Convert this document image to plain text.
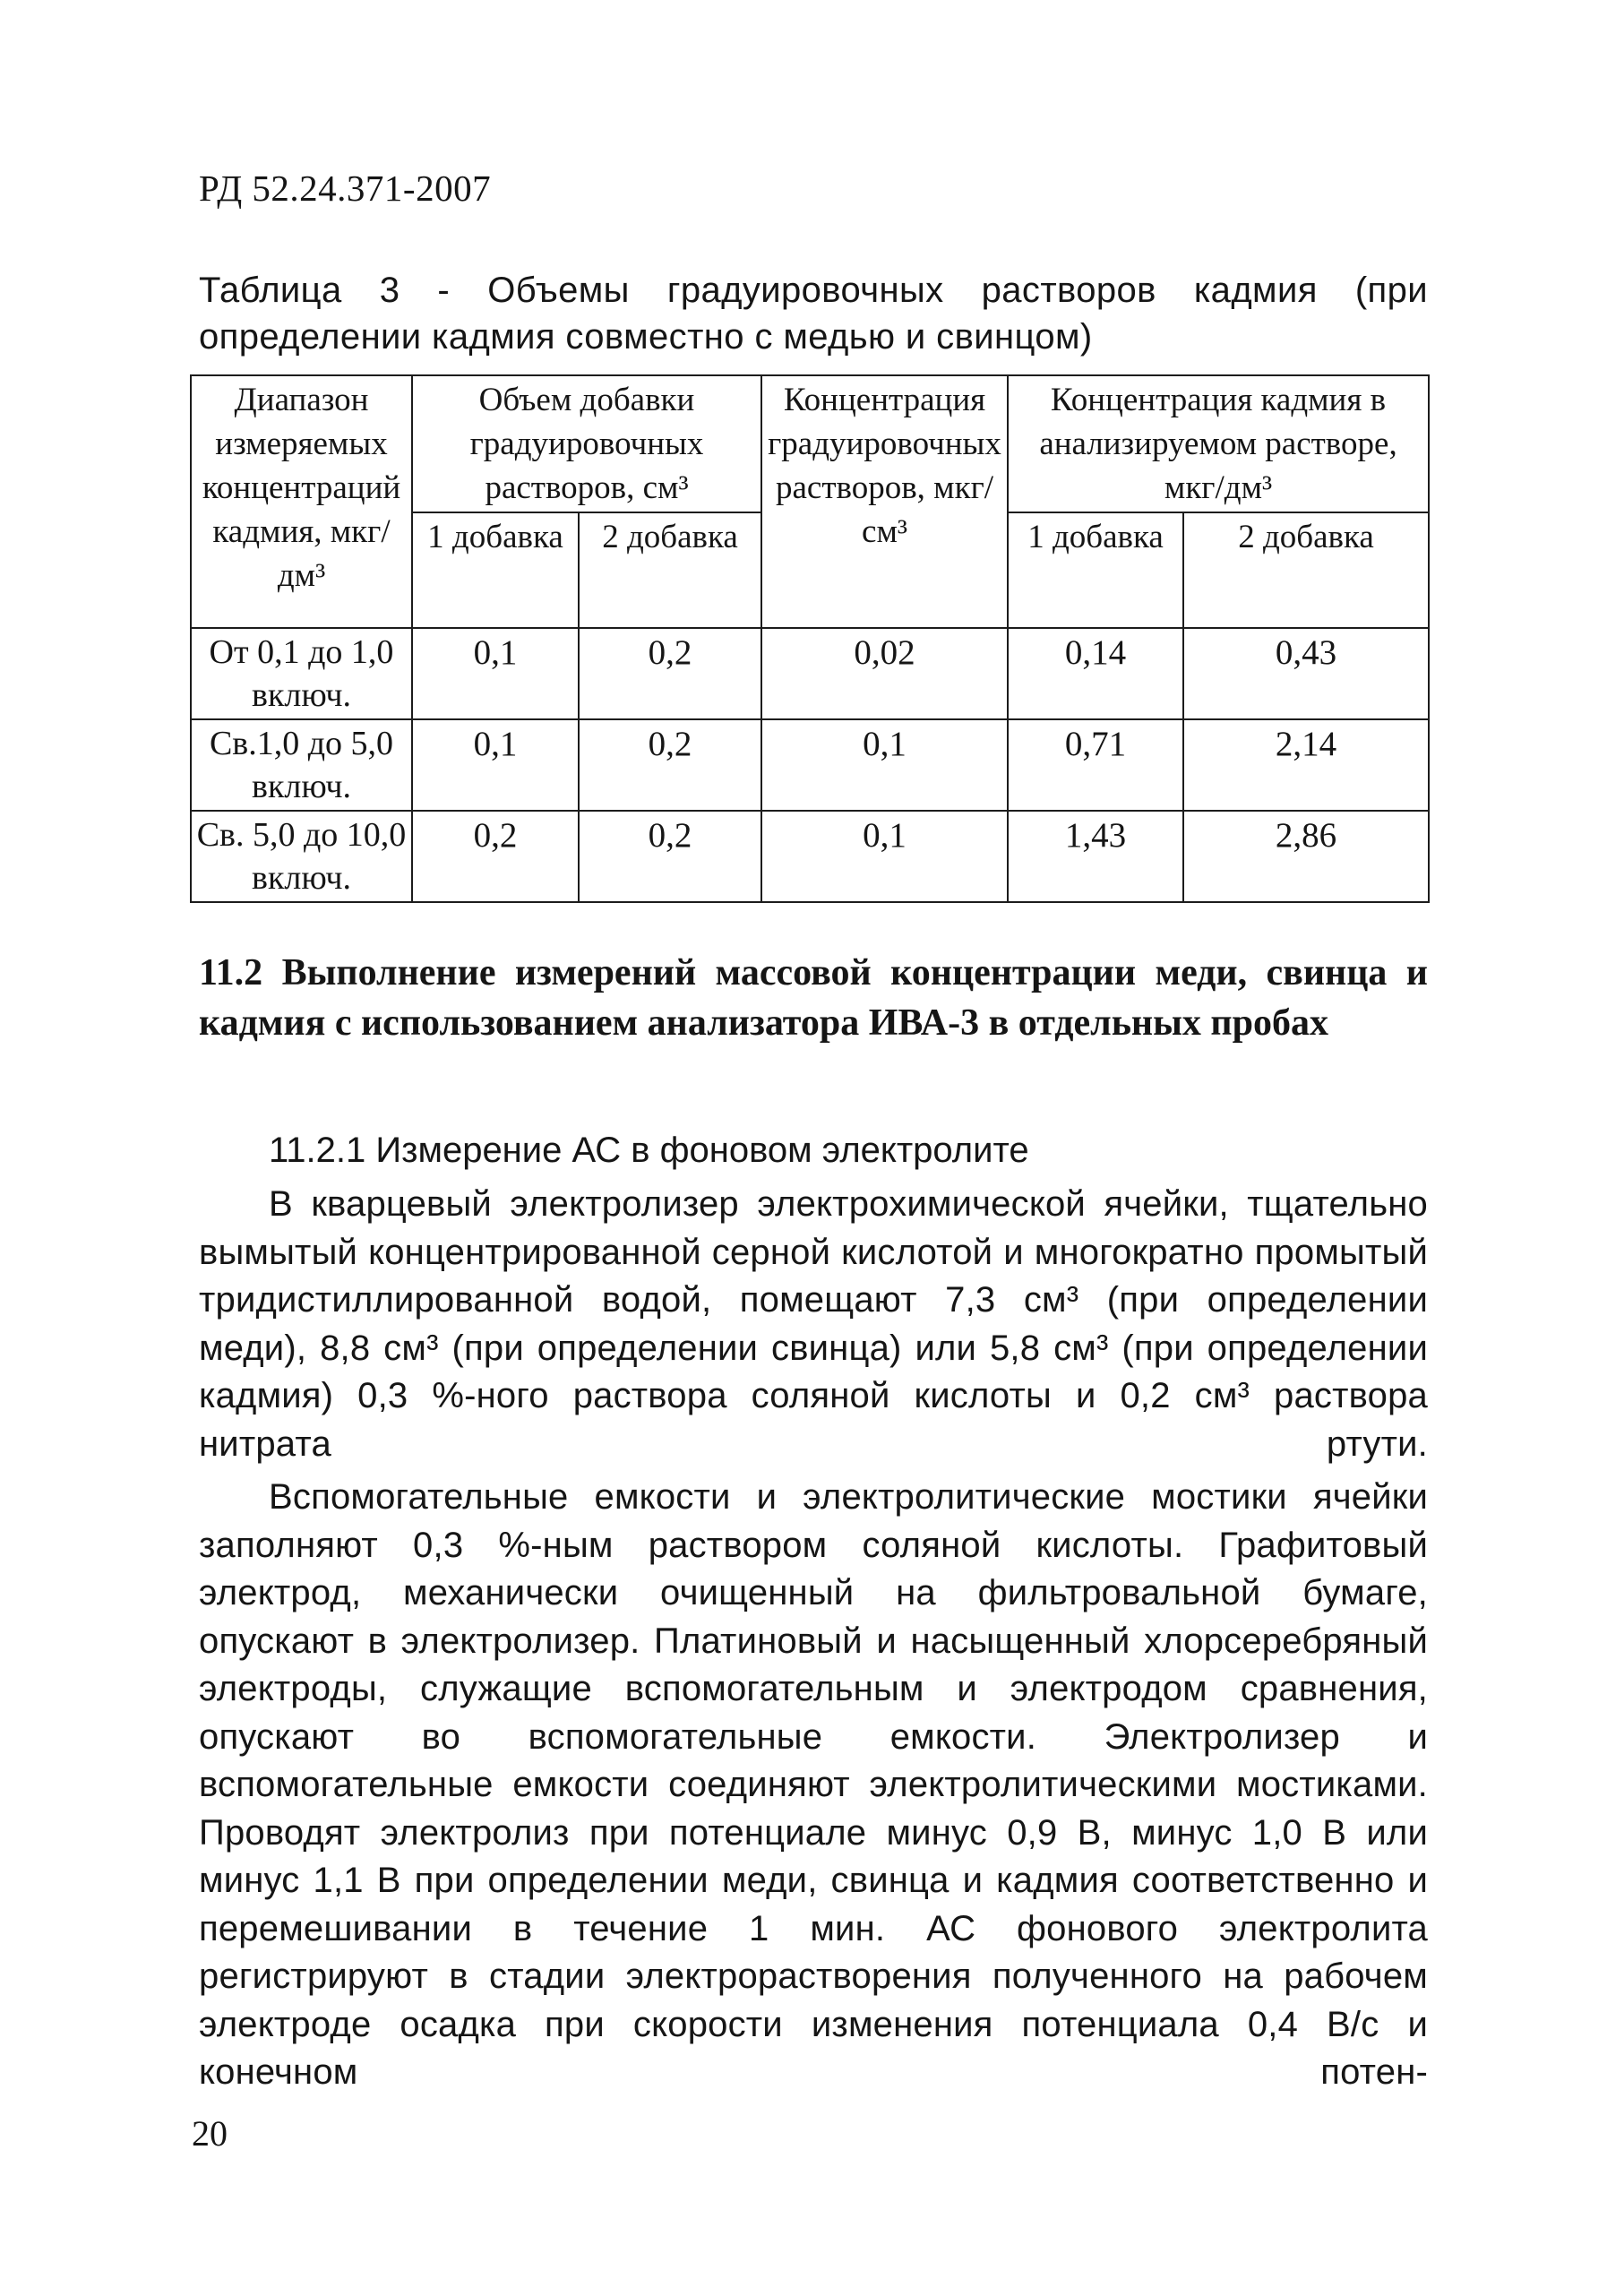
РД 52.24.371-2007
Таблица 3 - Объемы градуировочных растворов кадмия (при определении кадмия совместно с медью и свинцом)
Диапазон измеряемых концентраций кадмия, мкг/дм³	Объем добавки градуировочных растворов, см³		Концентрация градуировочных растворов, мкг/см³	Концентрация кадмия в анализируемом растворе, мкг/дм³	
	1 добавка	2 добавка		1 добавка	2 добавка
От 0,1 до 1,0 включ.	0,1	0,2	0,02	0,14	0,43
Св.1,0 до 5,0 включ.	0,1	0,2	0,1	0,71	2,14
Св. 5,0 до 10,0 включ.	0,2	0,2	0,1	1,43	2,86
11.2 Выполнение измерений массовой концентрации меди, свинца и кадмия с использованием анализатора ИВА-3 в отдельных пробах
11.2.1 Измерение АС в фоновом электролите
В кварцевый электролизер электрохимической ячейки, тщательно вымытый концентрированной серной кислотой и многократно промытый тридистиллированной водой, помещают 7,3 см³ (при определении меди), 8,8 см³ (при определении свинца) или 5,8 см³ (при определении кадмия) 0,3 %-ного раствора соляной кислоты и 0,2 см³ раствора нитрата ртути.
Вспомогательные емкости и электролитические мостики ячейки заполняют 0,3 %-ным раствором соляной кислоты. Графитовый электрод, механически очищенный на фильтровальной бумаге, опускают в электролизер. Платиновый и насыщенный хлорсеребряный электроды, служащие вспомогательным и электродом сравнения, опускают во вспомогательные емкости. Электролизер и вспомогательные емкости соединяют электролитическими мостиками. Проводят электролиз при потенциале минус 0,9 В, минус 1,0 В или минус 1,1 В при определении меди, свинца и кадмия соответственно и перемешивании в течение 1 мин. АС фонового электролита регистрируют в стадии электрорастворения полученного на рабочем электроде осадка при скорости изменения потенциала 0,4 В/с и конечном потен-
20
